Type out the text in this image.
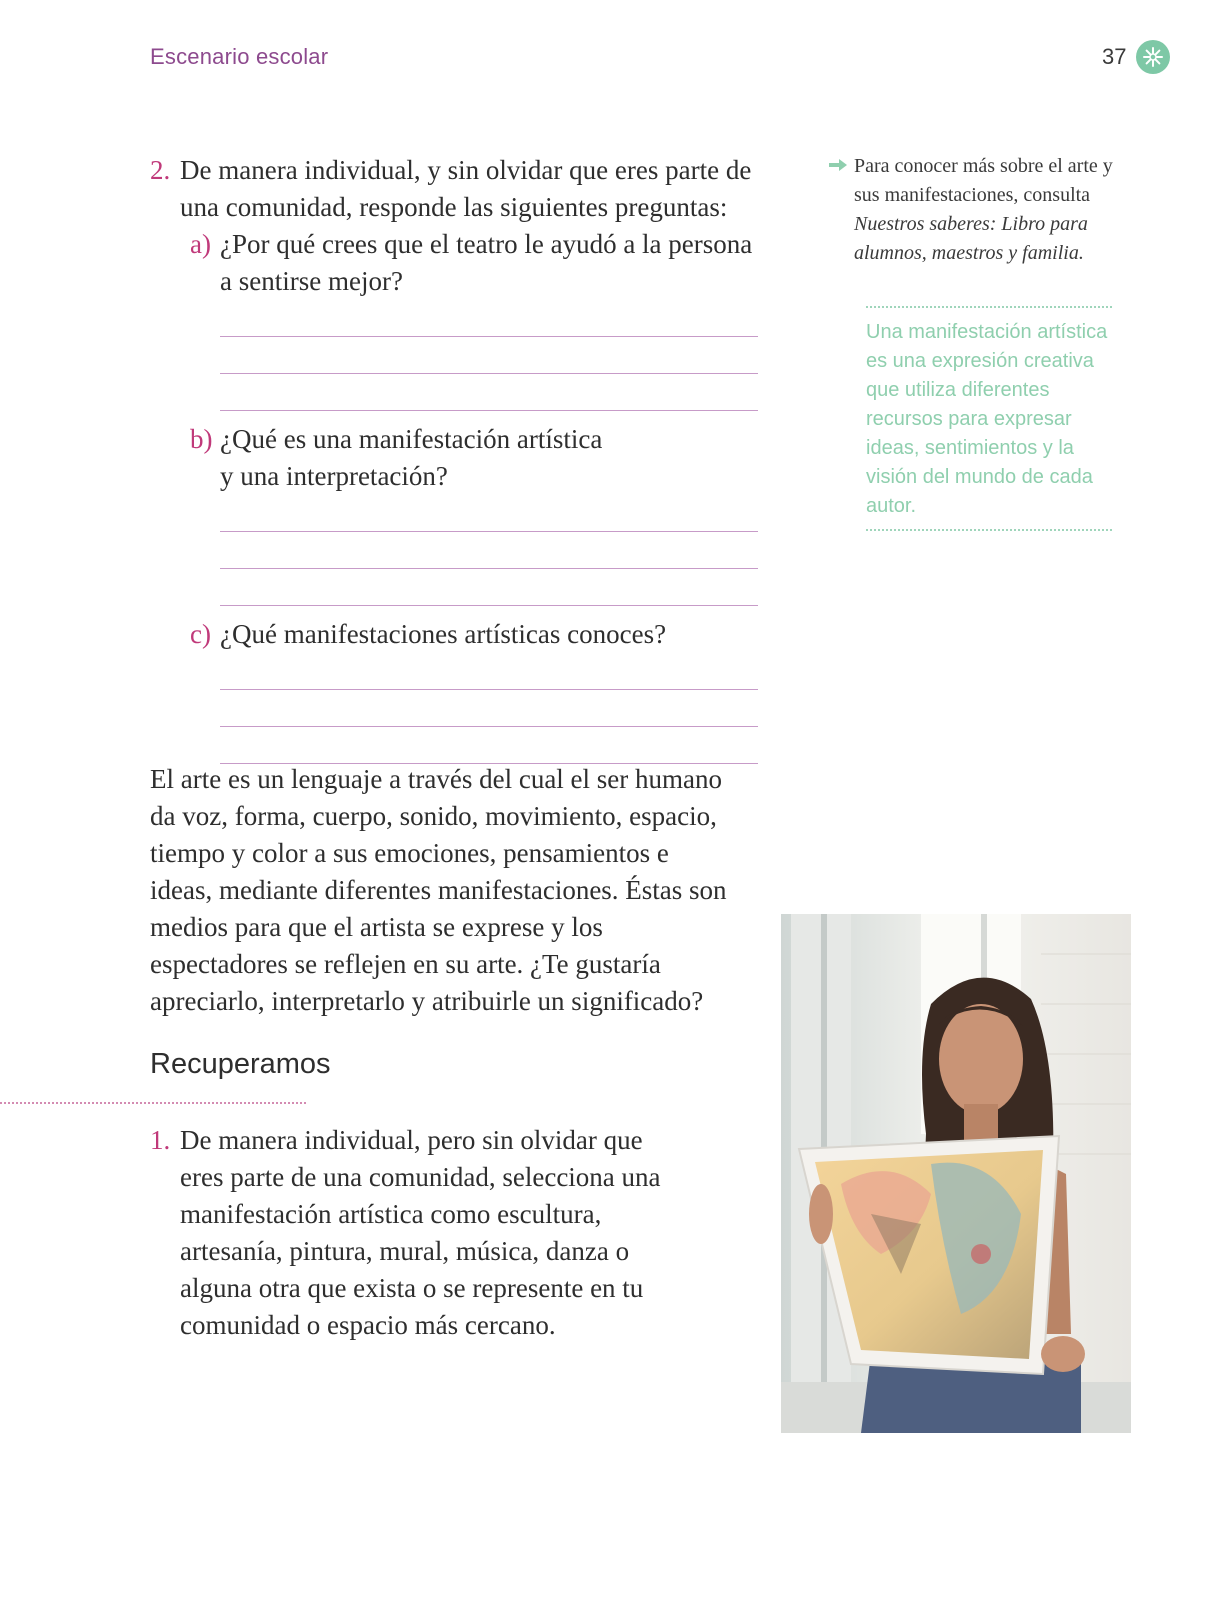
Escenario escolar	37
2. De manera individual, y sin olvidar que eres parte de una comunidad, responde las siguientes preguntas:
a) ¿Por qué crees que el teatro le ayudó a la persona a sentirse mejor?
b) ¿Qué es una manifestación artística y una interpretación?
c) ¿Qué manifestaciones artísticas conoces?
El arte es un lenguaje a través del cual el ser humano da voz, forma, cuerpo, sonido, movimiento, espacio, tiempo y color a sus emociones, pensamientos e ideas, mediante diferentes manifestaciones. Éstas son medios para que el artista se exprese y los espectadores se reflejen en su arte. ¿Te gustaría apreciarlo, interpretarlo y atribuirle un significado?
Recuperamos
1. De manera individual, pero sin olvidar que eres parte de una comunidad, selecciona una manifestación artística como escultura, artesanía, pintura, mural, música, danza o alguna otra que exista o se represente en tu comunidad o espacio más cercano.
Para conocer más sobre el arte y sus manifestaciones, consulta Nuestros saberes: Libro para alumnos, maestros y familia.
Una manifestación artística es una expresión creativa que utiliza diferentes recursos para expresar ideas, sentimientos y la visión del mundo de cada autor.
